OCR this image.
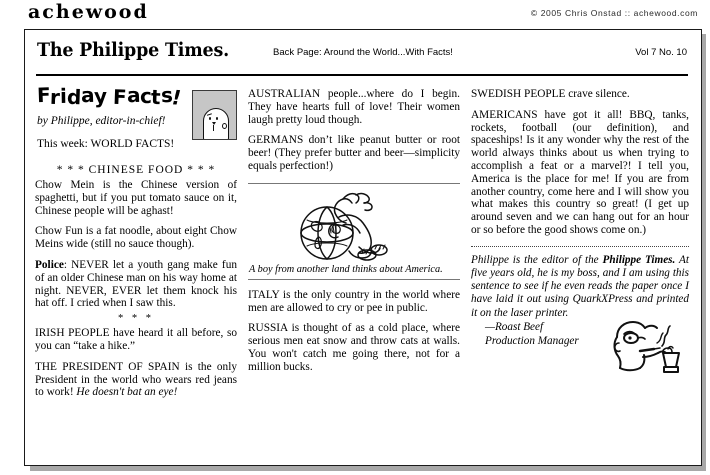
achewood	© 2005 Chris Onstad :: achewood.com
The Philippe Times.	Back Page: Around the World...With Facts!	Vol 7 No. 10
Friday Facts!
by Philippe, editor-in-chief!
This week: WORLD FACTS!
* * * CHINESE FOOD * * *

Chow Mein is the Chinese version of spaghetti, but if you put tomato sauce on it, Chinese people will be aghast!

Chow Fun is a fat noodle, about eight Chow Meins wide (still no sauce though).

Police: NEVER let a youth gang make fun of an older Chinese man on his way home at night. NEVER, EVER let them knock his hat off. I cried when I saw this.

* * *

IRISH PEOPLE have heard it all before, so you can “take a hike.”

THE PRESIDENT OF SPAIN is the only President in the world who wears red jeans to work! He doesn't bat an eye!

AUSTRALIAN people...where do I begin. They have hearts full of love! Their women laugh pretty loud though.

GERMANS don’t like peanut butter or root beer! (They prefer butter and beer—simplicity equals perfection!)

A boy from another land thinks about America.

ITALY is the only country in the world where men are allowed to cry or pee in public.

RUSSIA is thought of as a cold place, where serious men eat snow and throw cats at walls. You won't catch me going there, not for a million bucks.

SWEDISH PEOPLE crave silence.

AMERICANS have got it all! BBQ, tanks, rockets, football (our definition), and spaceships! Is it any wonder why the rest of the world always thinks about us when trying to accomplish a feat or a marvel?! I tell you, America is the place for me! If you are from another country, come here and I will show you what makes this country so great! (I get up around seven and we can hang out for an hour or so before the good shows come on.)

Philippe is the editor of the Philippe Times. At five years old, he is my boss, and I am using this sentence to see if he even reads the paper once I have laid it out using QuarkXPress and printed it on the laser printer.

—Roast Beef
Production Manager
